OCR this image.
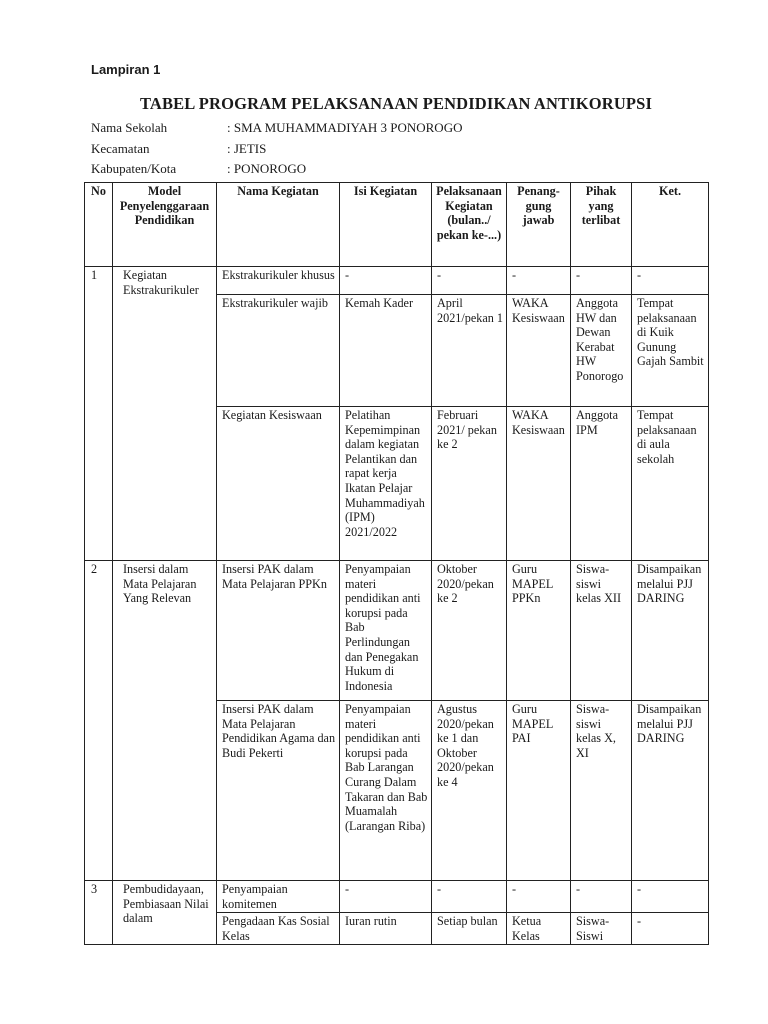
Lampiran 1
TABEL PROGRAM PELAKSANAAN PENDIDIKAN ANTIKORUPSI
Nama Sekolah	: SMA MUHAMMADIYAH 3 PONOROGO
Kecamatan	: JETIS
Kabupaten/Kota	: PONOROGO
No	Model Penyelenggaraan Pendidikan	Nama Kegiatan	Isi Kegiatan	Pelaksanaan Kegiatan (bulan../ pekan ke-...)	Penang-gung jawab	Pihak yang terlibat	Ket.
1	Kegiatan Ekstrakurikuler	Ekstrakurikuler khusus	-	-	-	-	-
		Ekstrakurikuler wajib	Kemah Kader	April 2021/pekan 1	WAKA Kesiswaan	Anggota HW dan Dewan Kerabat HW Ponorogo	Tempat pelaksanaan di Kuik Gunung Gajah Sambit
		Kegiatan Kesiswaan	Pelatihan Kepemimpinan dalam kegiatan Pelantikan dan rapat kerja Ikatan Pelajar Muhammadiyah (IPM) 2021/2022	Februari 2021/ pekan ke 2	WAKA Kesiswaan	Anggota IPM	Tempat pelaksanaan di aula sekolah
2	Insersi dalam Mata Pelajaran Yang Relevan	Insersi PAK dalam Mata Pelajaran PPKn	Penyampaian materi pendidikan anti korupsi pada Bab Perlindungan dan Penegakan Hukum di Indonesia	Oktober 2020/pekan ke 2	Guru MAPEL PPKn	Siswa-siswi kelas XII	Disampaikan melalui PJJ DARING
		Insersi PAK dalam Mata Pelajaran Pendidikan Agama dan Budi Pekerti	Penyampaian materi pendidikan anti korupsi pada Bab Larangan Curang Dalam Takaran dan Bab Muamalah (Larangan Riba)	Agustus 2020/pekan ke 1 dan Oktober 2020/pekan ke 4	Guru MAPEL PAI	Siswa-siswi kelas X, XI	Disampaikan melalui PJJ DARING
3	Pembudidayaan, Pembiasaan Nilai dalam	Penyampaian komitemen	-	-	-	-	-
		Pengadaan Kas Sosial Kelas	Iuran rutin	Setiap bulan	Ketua Kelas	Siswa-Siswi	-
